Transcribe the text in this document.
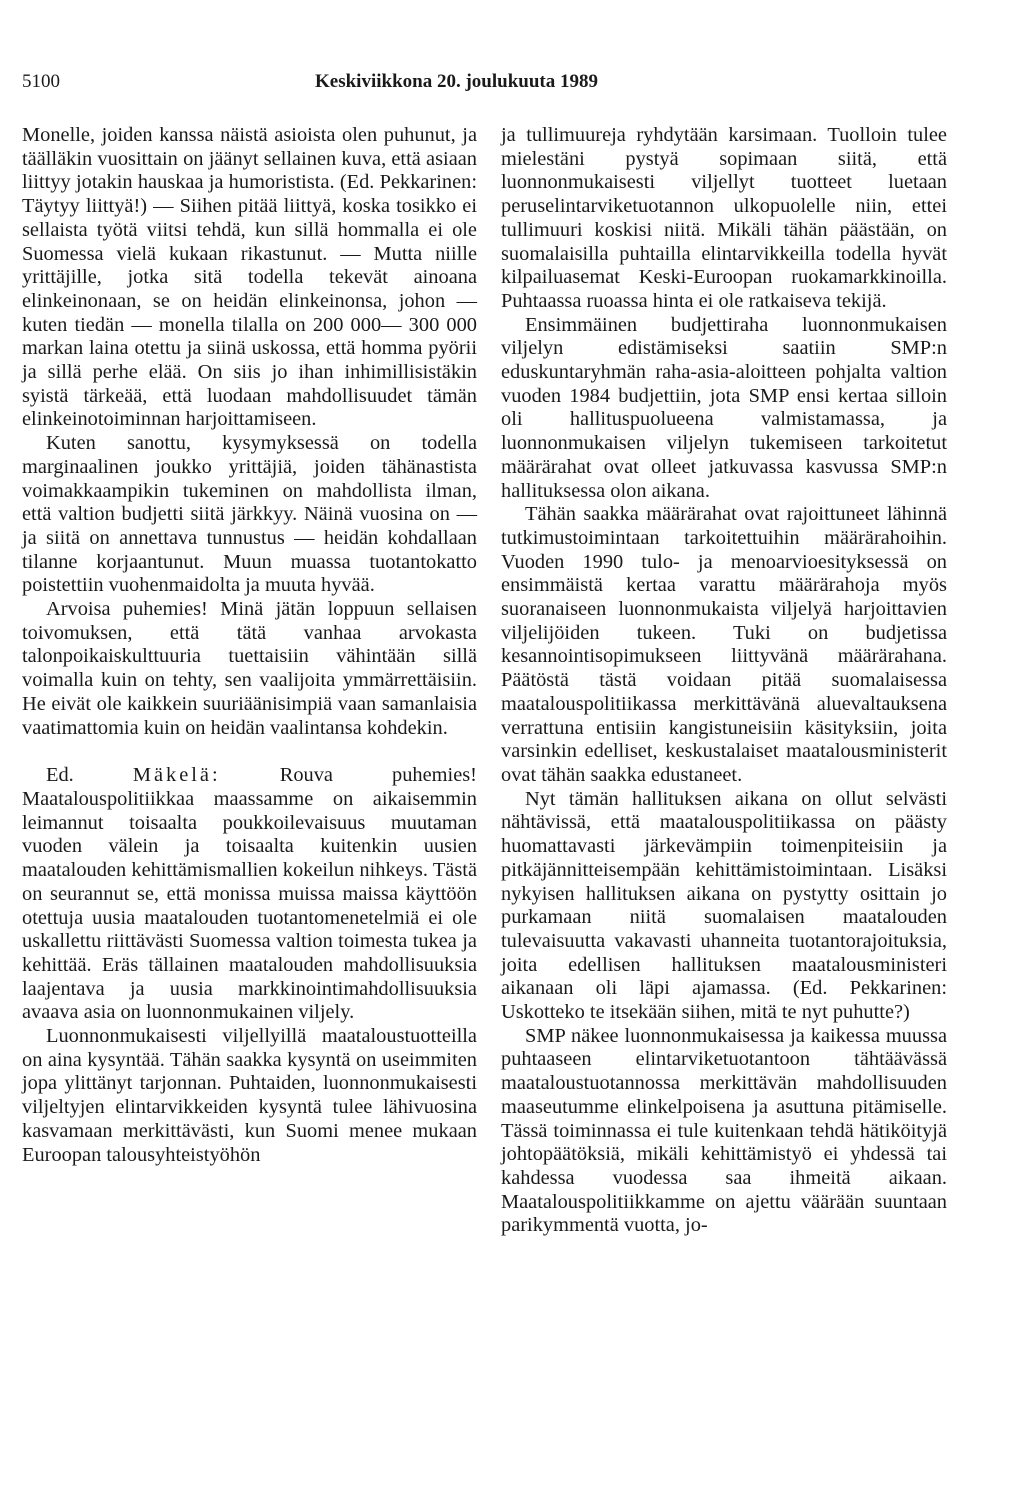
5100	Keskiviikkona 20. joulukuuta 1989

Monelle, joiden kanssa näistä asioista olen puhunut, ja täälläkin vuosittain on jäänyt sellainen kuva, että asiaan liittyy jotakin hauskaa ja humoristista. (Ed. Pekkarinen: Täytyy liittyä!) — Siihen pitää liittyä, koska tosikko ei sellaista työtä viitsi tehdä, kun sillä hommalla ei ole Suomessa vielä kukaan rikastunut. — Mutta niille yrittäjille, jotka sitä todella tekevät ainoana elinkeinonaan, se on heidän elinkeinonsa, johon — kuten tiedän — monella tilalla on 200 000— 300 000 markan laina otettu ja siinä uskossa, että homma pyörii ja sillä perhe elää. On siis jo ihan inhimillisistäkin syistä tärkeää, että luodaan mahdollisuudet tämän elinkeinotoiminnan harjoittamiseen.

Kuten sanottu, kysymyksessä on todella marginaalinen joukko yrittäjiä, joiden tähänastista voimakkaampikin tukeminen on mahdollista ilman, että valtion budjetti siitä järkkyy. Näinä vuosina on — ja siitä on annettava tunnustus — heidän kohdallaan tilanne korjaantunut. Muun muassa tuotantokatto poistettiin vuohenmaidolta ja muuta hyvää.

Arvoisa puhemies! Minä jätän loppuun sellaisen toivomuksen, että tätä vanhaa arvokasta talonpoikaiskulttuuria tuettaisiin vähintään sillä voimalla kuin on tehty, sen vaalijoita ymmärrettäisiin. He eivät ole kaikkein suuriäänisimpiä vaan samanlaisia vaatimattomia kuin on heidän vaalintansa kohdekin.

Ed.	Mäkelä:	Rouva puhemies! Maatalouspolitiikkaa maassamme on aikaisemmin leimannut toisaalta poukkoilevaisuus muutaman vuoden välein ja toisaalta kuitenkin uusien maatalouden kehittämismallien kokeilun nihkeys. Tästä on seurannut se, että monissa muissa maissa käyttöön otettuja uusia maatalouden tuotantomenetelmiä ei ole uskallettu riittävästi Suomessa valtion toimesta tukea ja kehittää. Eräs tällainen maatalouden mahdollisuuksia laajentava ja uusia markkinointimahdollisuuksia avaava asia on luonnonmukainen viljely.

Luonnonmukaisesti viljellyillä maataloustuotteilla on aina kysyntää. Tähän saakka kysyntä on useimmiten jopa ylittänyt tarjonnan. Puhtaiden, luonnonmukaisesti viljeltyjen elintarvikkeiden kysyntä tulee lähivuosina kasvamaan merkittävästi, kun Suomi menee mukaan Euroopan talousyhteistyöhön

ja tullimuureja ryhdytään karsimaan. Tuolloin tulee mielestäni pystyä sopimaan siitä, että luonnonmukaisesti viljellyt tuotteet luetaan peruselintarviketuotannon ulkopuolelle niin, ettei tullimuuri koskisi niitä. Mikäli tähän päästään, on suomalaisilla puhtailla elintarvikkeilla todella hyvät kilpailuasemat Keski-Euroopan ruokamarkkinoilla. Puhtaassa ruoassa hinta ei ole ratkaiseva tekijä.

Ensimmäinen budjettiraha luonnonmukaisen viljelyn edistämiseksi saatiin SMP:n eduskuntaryhmän raha-asia-aloitteen pohjalta valtion vuoden 1984 budjettiin, jota SMP ensi kertaa silloin oli hallituspuolueena valmistamassa, ja luonnonmukaisen viljelyn tukemiseen tarkoitetut määrärahat ovat olleet jatkuvassa kasvussa SMP:n hallituksessa olon aikana.

Tähän saakka määrärahat ovat rajoittuneet lähinnä tutkimustoimintaan tarkoitettuihin määrärahoihin. Vuoden 1990 tulo- ja menoarvioesityksessä on ensimmäistä kertaa varattu määrärahoja myös suoranaiseen luonnonmukaista viljelyä harjoittavien viljelijöiden tukeen. Tuki on budjetissa kesannointisopimukseen liittyvänä määrärahana. Päätöstä tästä voidaan pitää suomalaisessa maatalouspolitiikassa merkittävänä aluevaltauksena verrattuna entisiin kangistuneisiin käsityksiin, joita varsinkin edelliset, keskustalaiset maatalousministerit ovat tähän saakka edustaneet.

Nyt tämän hallituksen aikana on ollut selvästi nähtävissä, että maatalouspolitiikassa on päästy huomattavasti järkevämpiin toimenpiteisiin ja pitkäjännitteisempään kehittämistoimintaan. Lisäksi nykyisen hallituksen aikana on pystytty osittain jo purkamaan niitä suomalaisen maatalouden tulevaisuutta vakavasti uhanneita tuotantorajoituksia, joita edellisen hallituksen maatalousministeri aikanaan oli läpi ajamassa. (Ed. Pekkarinen: Uskotteko te itsekään siihen, mitä te nyt puhutte?)

SMP näkee luonnonmukaisessa ja kaikessa muussa puhtaaseen elintarviketuotantoon tähtäävässä maataloustuotannossa merkittävän mahdollisuuden maaseutumme elinkelpoisena ja asuttuna pitämiselle. Tässä toiminnassa ei tule kuitenkaan tehdä hätiköityjä johtopäätöksiä, mikäli kehittämistyö ei yhdessä tai kahdessa vuodessa saa ihmeitä aikaan. Maatalouspolitiikkamme on ajettu väärään suuntaan parikymmentä vuotta, jo-
